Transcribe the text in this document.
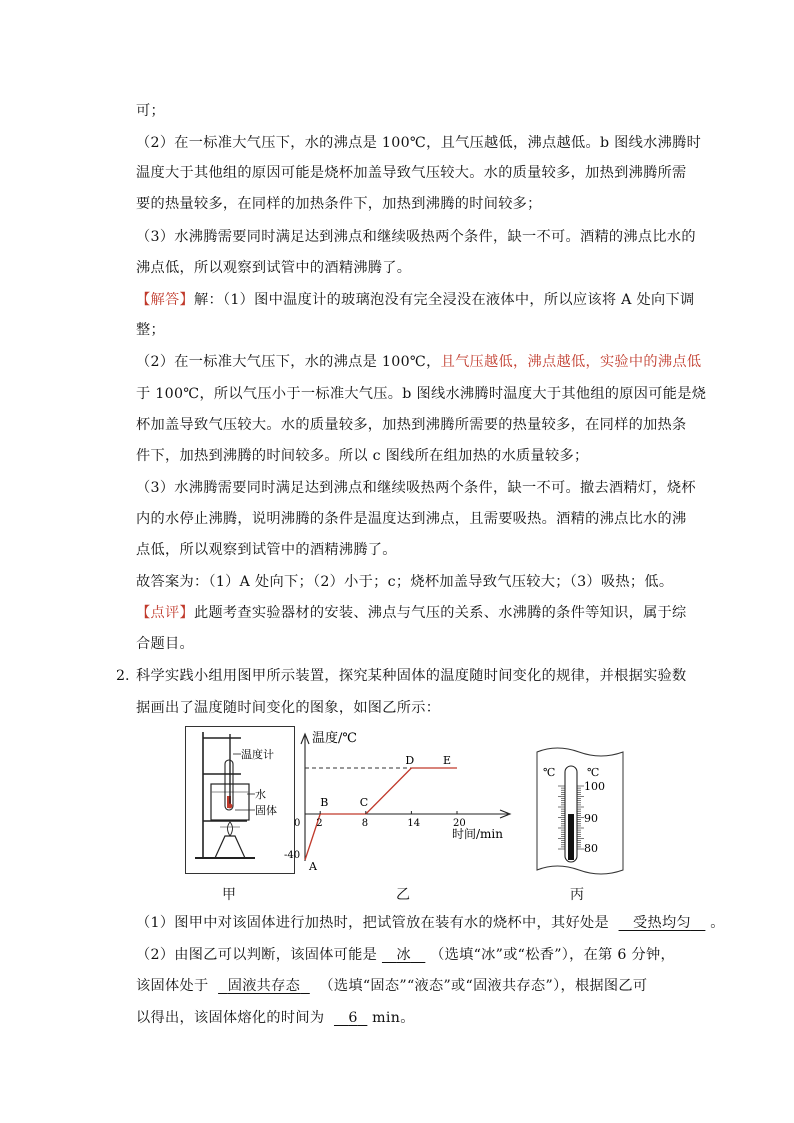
可；
（2）在一标准大气压下，水的沸点是 100℃，且气压越低，沸点越低。b 图线水沸腾时
温度大于其他组的原因可能是烧杯加盖导致气压较大。水的质量较多，加热到沸腾所需
要的热量较多，在同样的加热条件下，加热到沸腾的时间较多；
（3）水沸腾需要同时满足达到沸点和继续吸热两个条件，缺一不可。酒精的沸点比水的
沸点低，所以观察到试管中的酒精沸腾了。
【解答】解：（1）图中温度计的玻璃泡没有完全浸没在液体中，所以应该将 A 处向下调
整；
（2）在一标准大气压下，水的沸点是 100℃，且气压越低，沸点越低，实验中的沸点低
于 100℃，所以气压小于一标准大气压。b 图线水沸腾时温度大于其他组的原因可能是烧
杯加盖导致气压较大。水的质量较多，加热到沸腾所需要的热量较多，在同样的加热条
件下，加热到沸腾的时间较多。所以 c 图线所在组加热的水质量较多；
（3）水沸腾需要同时满足达到沸点和继续吸热两个条件，缺一不可。撤去酒精灯，烧杯
内的水停止沸腾，说明沸腾的条件是温度达到沸点，且需要吸热。酒精的沸点比水的沸
点低，所以观察到试管中的酒精沸腾了。
故答案为：（1）A 处向下；（2）小于；c；烧杯加盖导致气压较大；（3）吸热；低。
【点评】此题考查实验器材的安装、沸点与气压的关系、水沸腾的条件等知识，属于综
合题目。
2. 科学实践小组用图甲所示装置，探究某种固体的温度随时间变化的规律，并根据实验数
据画出了温度随时间变化的图象，如图乙所示：
温度计
水
固体
温度/℃
时间/min
A
B	C
D	E
2	8	14	20
0
-40
℃	℃
100
90
80
甲	乙	丙
（1）图甲中对该固体进行加热时，把试管放在装有水的烧杯中，其好处是 受热均匀 。
（2）由图乙可以判断，该固体可能是 冰 （选填“冰”或“松香”），在第 6 分钟，
该固体处于 固液共存态 （选填“固态”“液态”或“固液共存态”），根据图乙可
以得出，该固体熔化的时间为 6 min。
